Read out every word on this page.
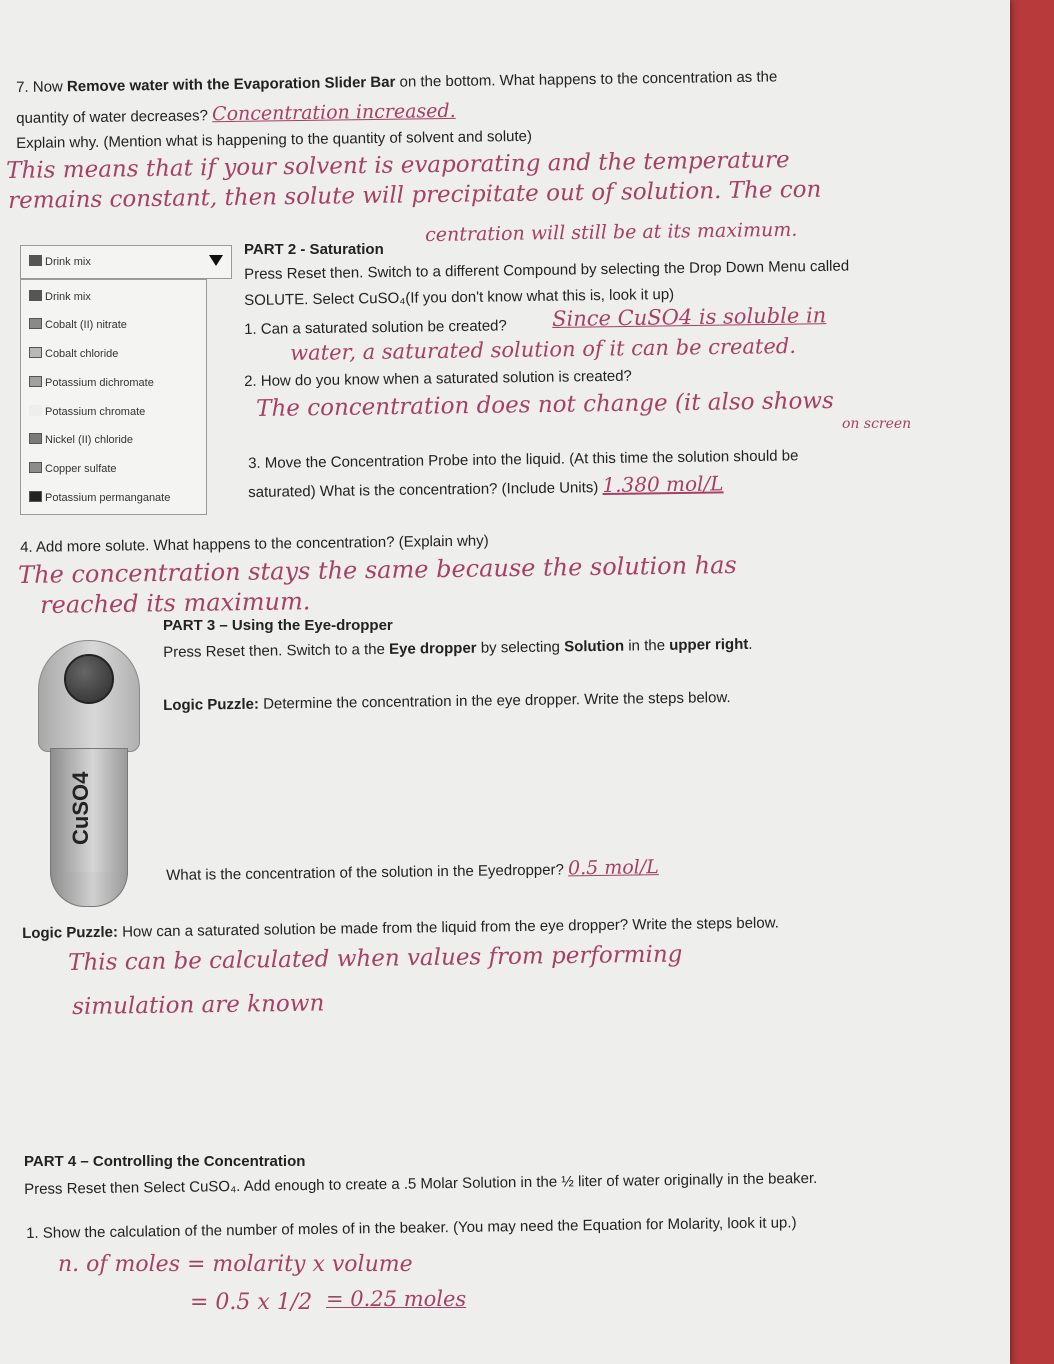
7. Now Remove water with the Evaporation Slider Bar on the bottom. What happens to the concentration as the
quantity of water decreases? Concentration increased.
Explain why. (Mention what is happening to the quantity of solvent and solute)
This means that if your solvent is evaporating and the temperature
remains constant, then solute will precipitate out of solution. The con
centration will still be at its maximum.
Drink mix
Drink mix
Cobalt (II) nitrate
Cobalt chloride
Potassium dichromate
Potassium chromate
Nickel (II) chloride
Copper sulfate
Potassium permanganate
PART 2 - Saturation
Press Reset then. Switch to a different Compound by selecting the Drop Down Menu called
SOLUTE. Select CuSO₄(If you don't know what this is, look it up)
1. Can a saturated solution be created? Since CuSO4 is soluble in
water, a saturated solution of it can be created.
2. How do you know when a saturated solution is created?
The concentration does not change (it also shows
on screen
3. Move the Concentration Probe into the liquid. (At this time the solution should be
saturated) What is the concentration? (Include Units) 1.380 mol/L
4. Add more solute. What happens to the concentration? (Explain why)
The concentration stays the same because the solution has
reached its maximum.
PART 3 – Using the Eye-dropper
Press Reset then. Switch to a the Eye dropper by selecting Solution in the upper right.
Logic Puzzle: Determine the concentration in the eye dropper. Write the steps below.
CuSO4
What is the concentration of the solution in the Eyedropper? 0.5 mol/L
Logic Puzzle: How can a saturated solution be made from the liquid from the eye dropper? Write the steps below.
This can be calculated when values from performing
simulation are known
PART 4 – Controlling the Concentration
Press Reset then Select CuSO₄. Add enough to create a .5 Molar Solution in the ½ liter of water originally in the beaker.
1. Show the calculation of the number of moles of in the beaker. (You may need the Equation for Molarity, look it up.)
n. of moles = molarity x volume
= 0.5 x 1/2 = 0.25 moles
